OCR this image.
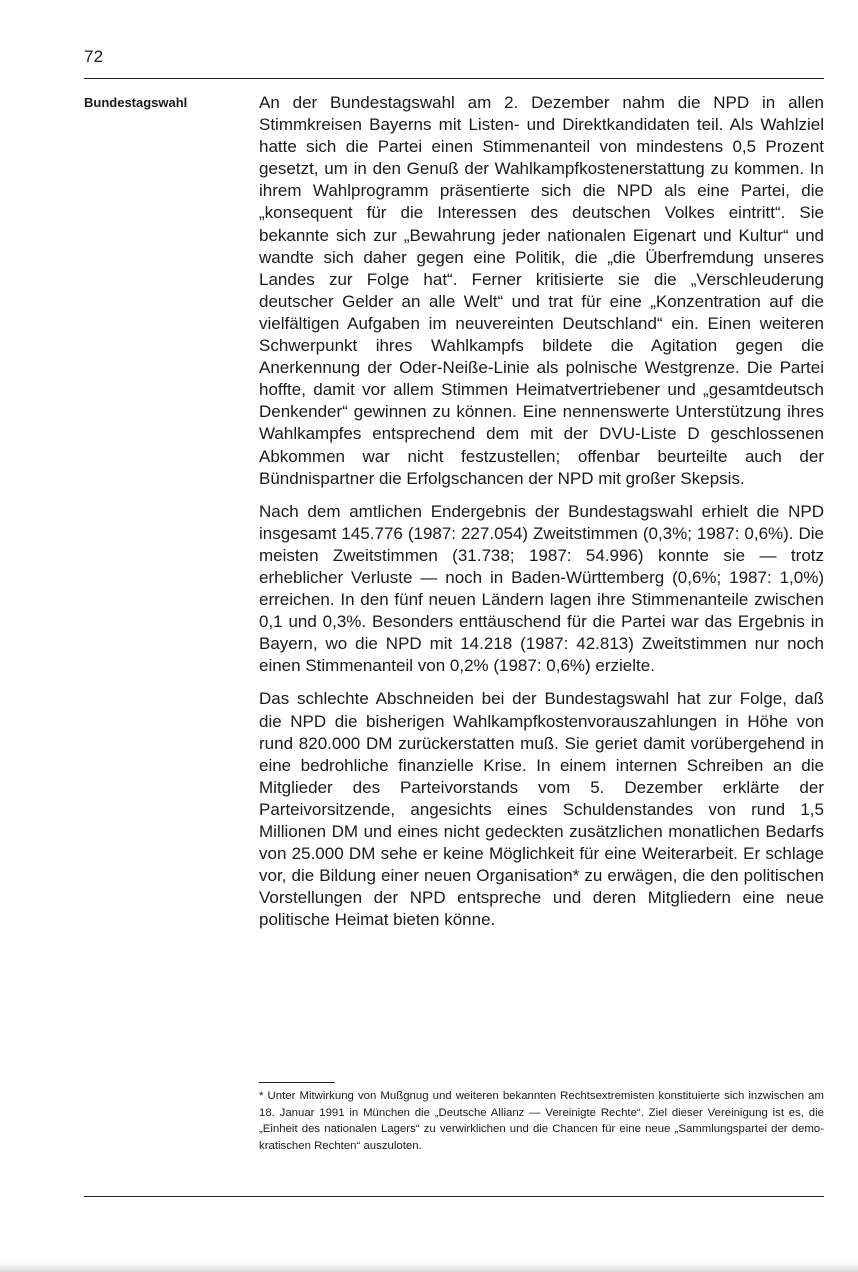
72
Bundestagswahl	An der Bundestagswahl am 2. Dezember nahm die NPD in allen Stimmkreisen Bayerns mit Listen- und Direktkandidaten teil. Als Wahlziel hatte sich die Partei einen Stimmenanteil von mindestens 0,5 Prozent gesetzt, um in den Genuß der Wahlkampfkostenerstattung zu kommen. In ihrem Wahlprogramm präsentierte sich die NPD als eine Partei, die „konsequent für die Interessen des deutschen Volkes eintritt“. Sie bekannte sich zur „Bewahrung jeder nationalen Eigenart und Kultur“ und wandte sich daher gegen eine Politik, die „die Überfremdung unseres Landes zur Folge hat“. Ferner kritisierte sie die „Verschleuderung deutscher Gelder an alle Welt“ und trat für eine „Konzentration auf die vielfältigen Aufgaben im neuvereinten Deutschland“ ein. Einen weiteren Schwerpunkt ihres Wahlkampfs bildete die Agitation gegen die Anerkennung der Oder-Neiße-Linie als polnische Westgrenze. Die Partei hoffte, damit vor allem Stimmen Heimatvertriebener und „gesamtdeutsch Denkender“ gewinnen zu können. Eine nennenswerte Unterstützung ihres Wahlkampfes entsprechend dem mit der DVU-Liste D geschlossenen Abkommen war nicht festzustellen; offenbar beurteilte auch der Bündnispartner die Erfolgschancen der NPD mit großer Skepsis.

Nach dem amtlichen Endergebnis der Bundestagswahl erhielt die NPD insgesamt 145.776 (1987: 227.054) Zweitstimmen (0,3%; 1987: 0,6%). Die meisten Zweitstimmen (31.738; 1987: 54.996) konnte sie — trotz erheblicher Verluste — noch in Baden-Württemberg (0,6%; 1987: 1,0%) erreichen. In den fünf neuen Ländern lagen ihre Stimmenanteile zwischen 0,1 und 0,3%. Besonders enttäuschend für die Partei war das Ergebnis in Bayern, wo die NPD mit 14.218 (1987: 42.813) Zweitstimmen nur noch einen Stimmenanteil von 0,2% (1987: 0,6%) erzielte.

Das schlechte Abschneiden bei der Bundestagswahl hat zur Folge, daß die NPD die bisherigen Wahlkampfkostenvorauszahlungen in Höhe von rund 820.000 DM zurückerstatten muß. Sie geriet damit vorübergehend in eine bedrohliche finanzielle Krise. In einem internen Schreiben an die Mitglieder des Parteivorstands vom 5. Dezember erklärte der Parteivorsitzende, angesichts eines Schuldenstandes von rund 1,5 Millionen DM und eines nicht gedeckten zusätzlichen monatlichen Bedarfs von 25.000 DM sehe er keine Möglichkeit für eine Weiterarbeit. Er schlage vor, die Bildung einer neuen Organisation* zu erwägen, die den politischen Vorstellungen der NPD entspreche und deren Mitgliedern eine neue politische Heimat bieten könne.

* Unter Mitwirkung von Mußgnug und weiteren bekannten Rechtsextremisten konstituierte sich inzwischen am 18. Januar 1991 in München die „Deutsche Allianz — Vereinigte Rechte“. Ziel dieser Vereinigung ist es, die „Einheit des nationalen Lagers“ zu verwirklichen und die Chancen für eine neue „Sammlungspartei der demokratischen Rechten“ auszuloten.
